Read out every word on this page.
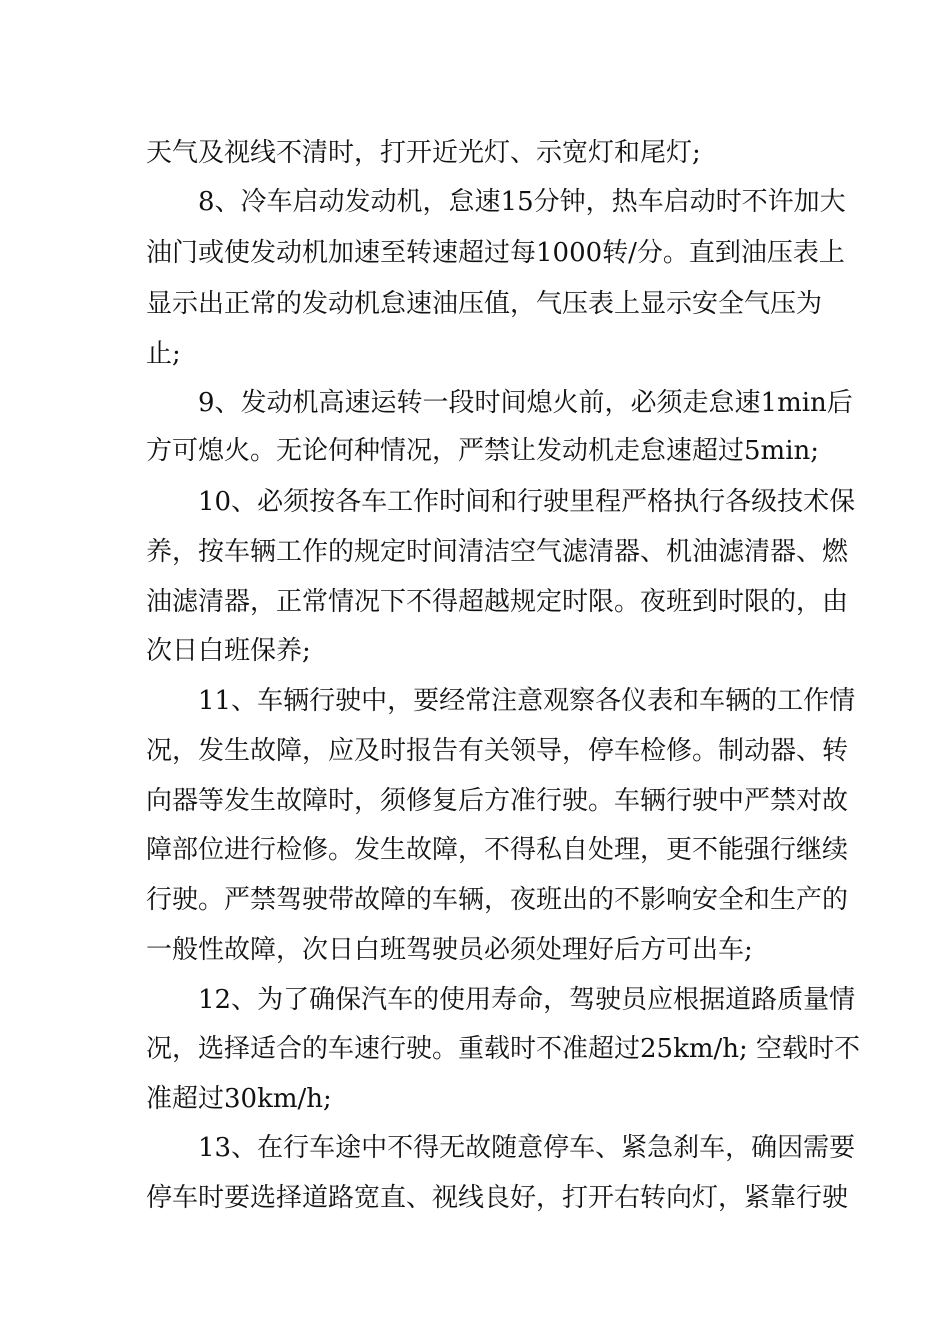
天气及视线不清时，打开近光灯、示宽灯和尾灯;
8、冷车启动发动机，怠速15分钟，热车启动时不许加大
油门或使发动机加速至转速超过每1000转/分。直到油压表上
显示出正常的发动机怠速油压值，气压表上显示安全气压为
止;
9、发动机高速运转一段时间熄火前，必须走怠速1min后
方可熄火。无论何种情况，严禁让发动机走怠速超过5min;
10、必须按各车工作时间和行驶里程严格执行各级技术保
养，按车辆工作的规定时间清洁空气滤清器、机油滤清器、燃
油滤清器，正常情况下不得超越规定时限。夜班到时限的，由
次日白班保养;
11、车辆行驶中，要经常注意观察各仪表和车辆的工作情
况，发生故障，应及时报告有关领导，停车检修。制动器、转
向器等发生故障时，须修复后方准行驶。车辆行驶中严禁对故
障部位进行检修。发生故障，不得私自处理，更不能强行继续
行驶。严禁驾驶带故障的车辆，夜班出的不影响安全和生产的
一般性故障，次日白班驾驶员必须处理好后方可出车;
12、为了确保汽车的使用寿命，驾驶员应根据道路质量情
况，选择适合的车速行驶。重载时不准超过25km/h; 空载时不
准超过30km/h;
13、在行车途中不得无故随意停车、紧急刹车，确因需要
停车时要选择道路宽直、视线良好，打开右转向灯，紧靠行驶
